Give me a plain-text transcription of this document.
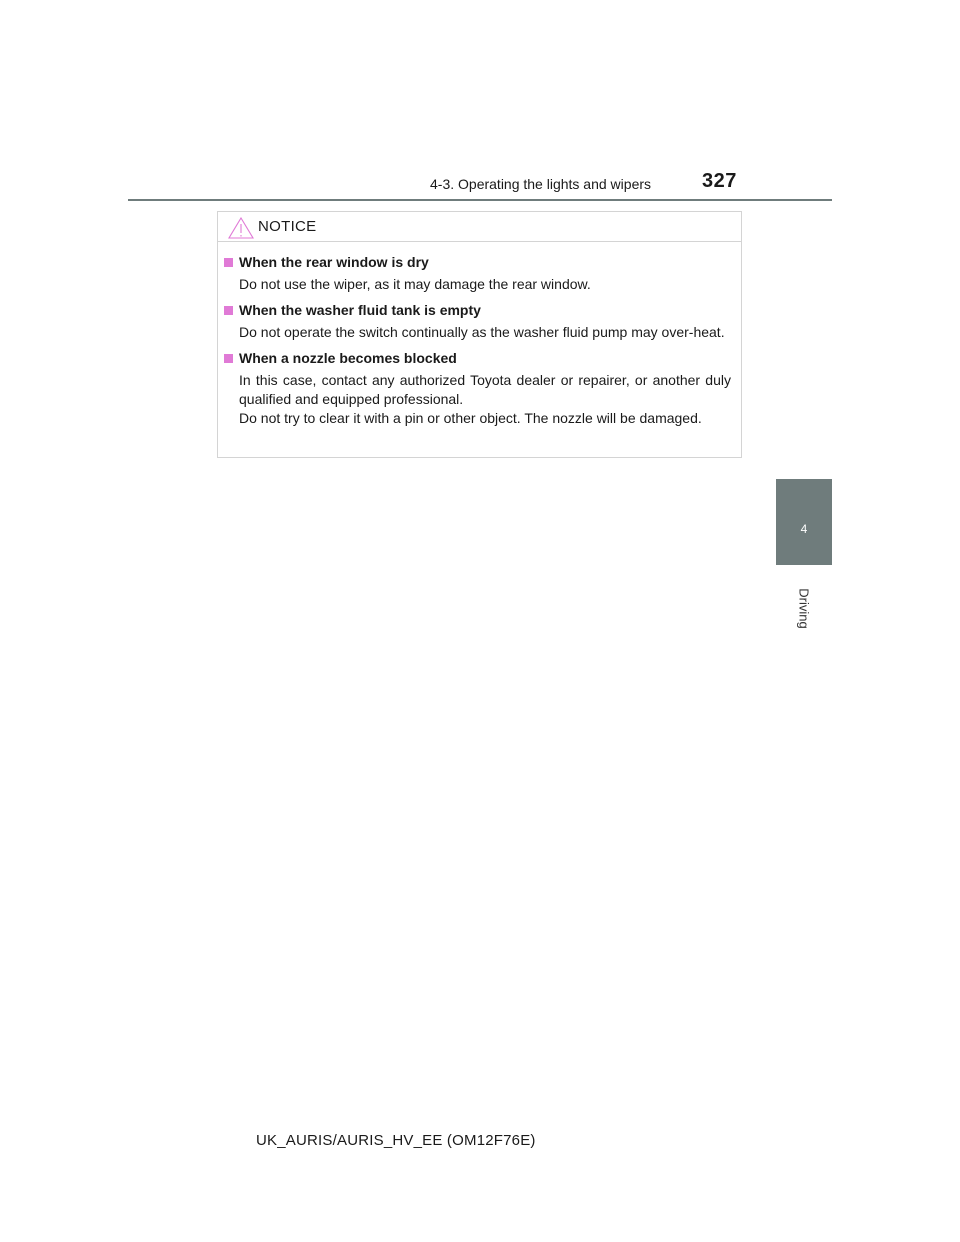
4-3. Operating the lights and wipers	327
4
Driving
NOTICE
When the rear window is dry

Do not use the wiper, as it may damage the rear window.

When the washer fluid tank is empty

Do not operate the switch continually as the washer fluid pump may over-heat.

When a nozzle becomes blocked

In this case, contact any authorized Toyota dealer or repairer, or another duly qualified and equipped professional.

Do not try to clear it with a pin or other object. The nozzle will be damaged.

UK_AURIS/AURIS_HV_EE (OM12F76E)
